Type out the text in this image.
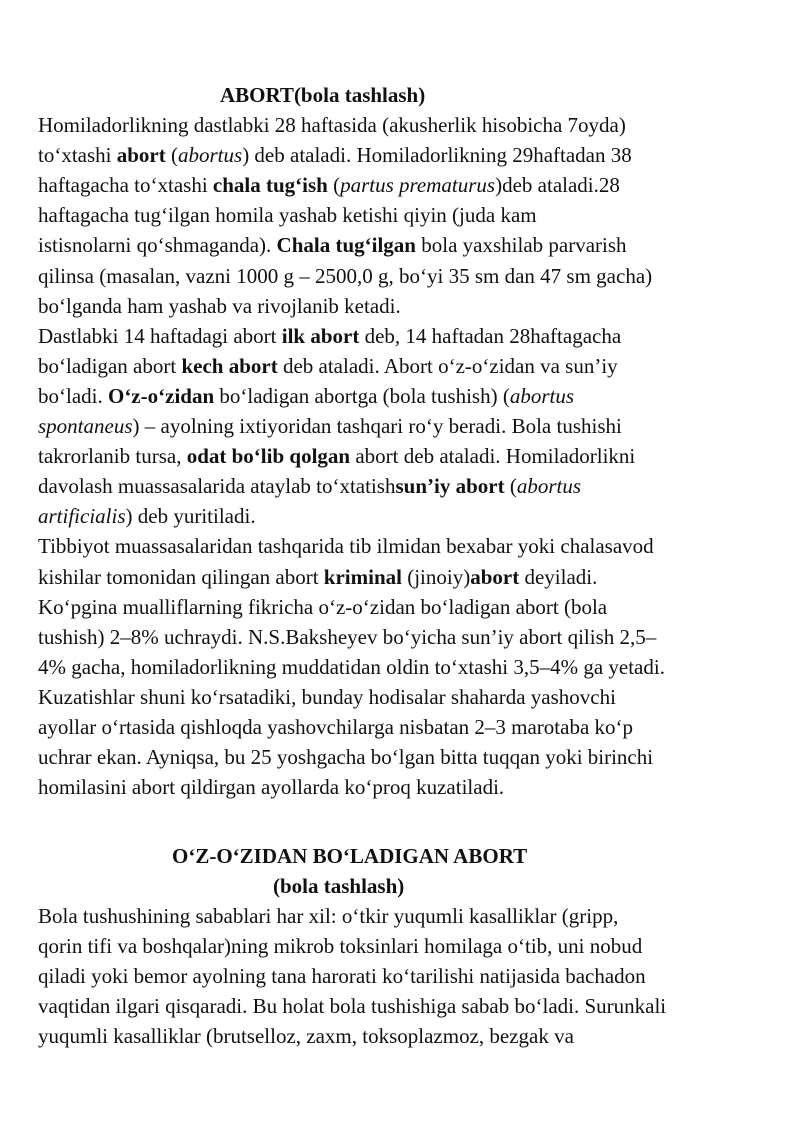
ABORT(bola tashlash)
Homiladorlikning dastlabki 28 haftasida (akusherlik hisobicha 7oyda)
to‘xtashi abort (abortus) deb ataladi. Homiladorlikning 29haftadan 38
haftagacha to‘xtashi chala tug‘ish (partus prematurus)deb ataladi.28
haftagacha tug‘ilgan homila yashab ketishi qiyin (juda kam
istisnolarni qo‘shmaganda). Chala tug‘ilgan bola yaxshilab parvarish
qilinsa (masalan, vazni 1000 g – 2500,0 g, bo‘yi 35 sm dan 47 sm gacha)
bo‘lganda ham yashab va rivojlanib ketadi.
Dastlabki 14 haftadagi abort ilk abort deb, 14 haftadan 28haftagacha
bo‘ladigan abort kech abort deb ataladi. Abort o‘z-o‘zidan va sun’iy
bo‘ladi. O‘z-o‘zidan bo‘ladigan abortga (bola tushish) (abortus
spontaneus) – ayolning ixtiyoridan tashqari ro‘y beradi. Bola tushishi
takrorlanib tursa, odat bo‘lib qolgan abort deb ataladi. Homiladorlikni
davolash muassasalarida ataylab to‘xtatishsun’iy abort (abortus
artificialis) deb yuritiladi.
Tibbiyot muassasalaridan tashqarida tib ilmidan bexabar yoki chalasavod
kishilar tomonidan qilingan abort kriminal (jinoiy)abort deyiladi.
Ko‘pgina mualliflarning fikricha o‘z-o‘zidan bo‘ladigan abort (bola
tushish) 2–8% uchraydi. N.S.Baksheyev bo‘yicha sun’iy abort qilish 2,5–
4% gacha, homiladorlikning muddatidan oldin to‘xtashi 3,5–4% ga yetadi.
Kuzatishlar shuni ko‘rsatadiki, bunday hodisalar shaharda yashovchi
ayollar o‘rtasida qishloqda yashovchilarga nisbatan 2–3 marotaba ko‘p
uchrar ekan. Ayniqsa, bu 25 yoshgacha bo‘lgan bitta tuqqan yoki birinchi
homilasini abort qildirgan ayollarda ko‘proq kuzatiladi.
O‘Z-O‘ZIDAN BO‘LADIGAN ABORT
(bola tashlash)
Bola tushushining sabablari har xil: o‘tkir yuqumli kasalliklar (gripp,
qorin tifi va boshqalar)ning mikrob toksinlari homilaga o‘tib, uni nobud
qiladi yoki bemor ayolning tana harorati ko‘tarilishi natijasida bachadon
vaqtidan ilgari qisqaradi. Bu holat bola tushishiga sabab bo‘ladi. Surunkali
yuqumli kasalliklar (brutselloz, zaxm, toksoplazmoz, bezgak va
